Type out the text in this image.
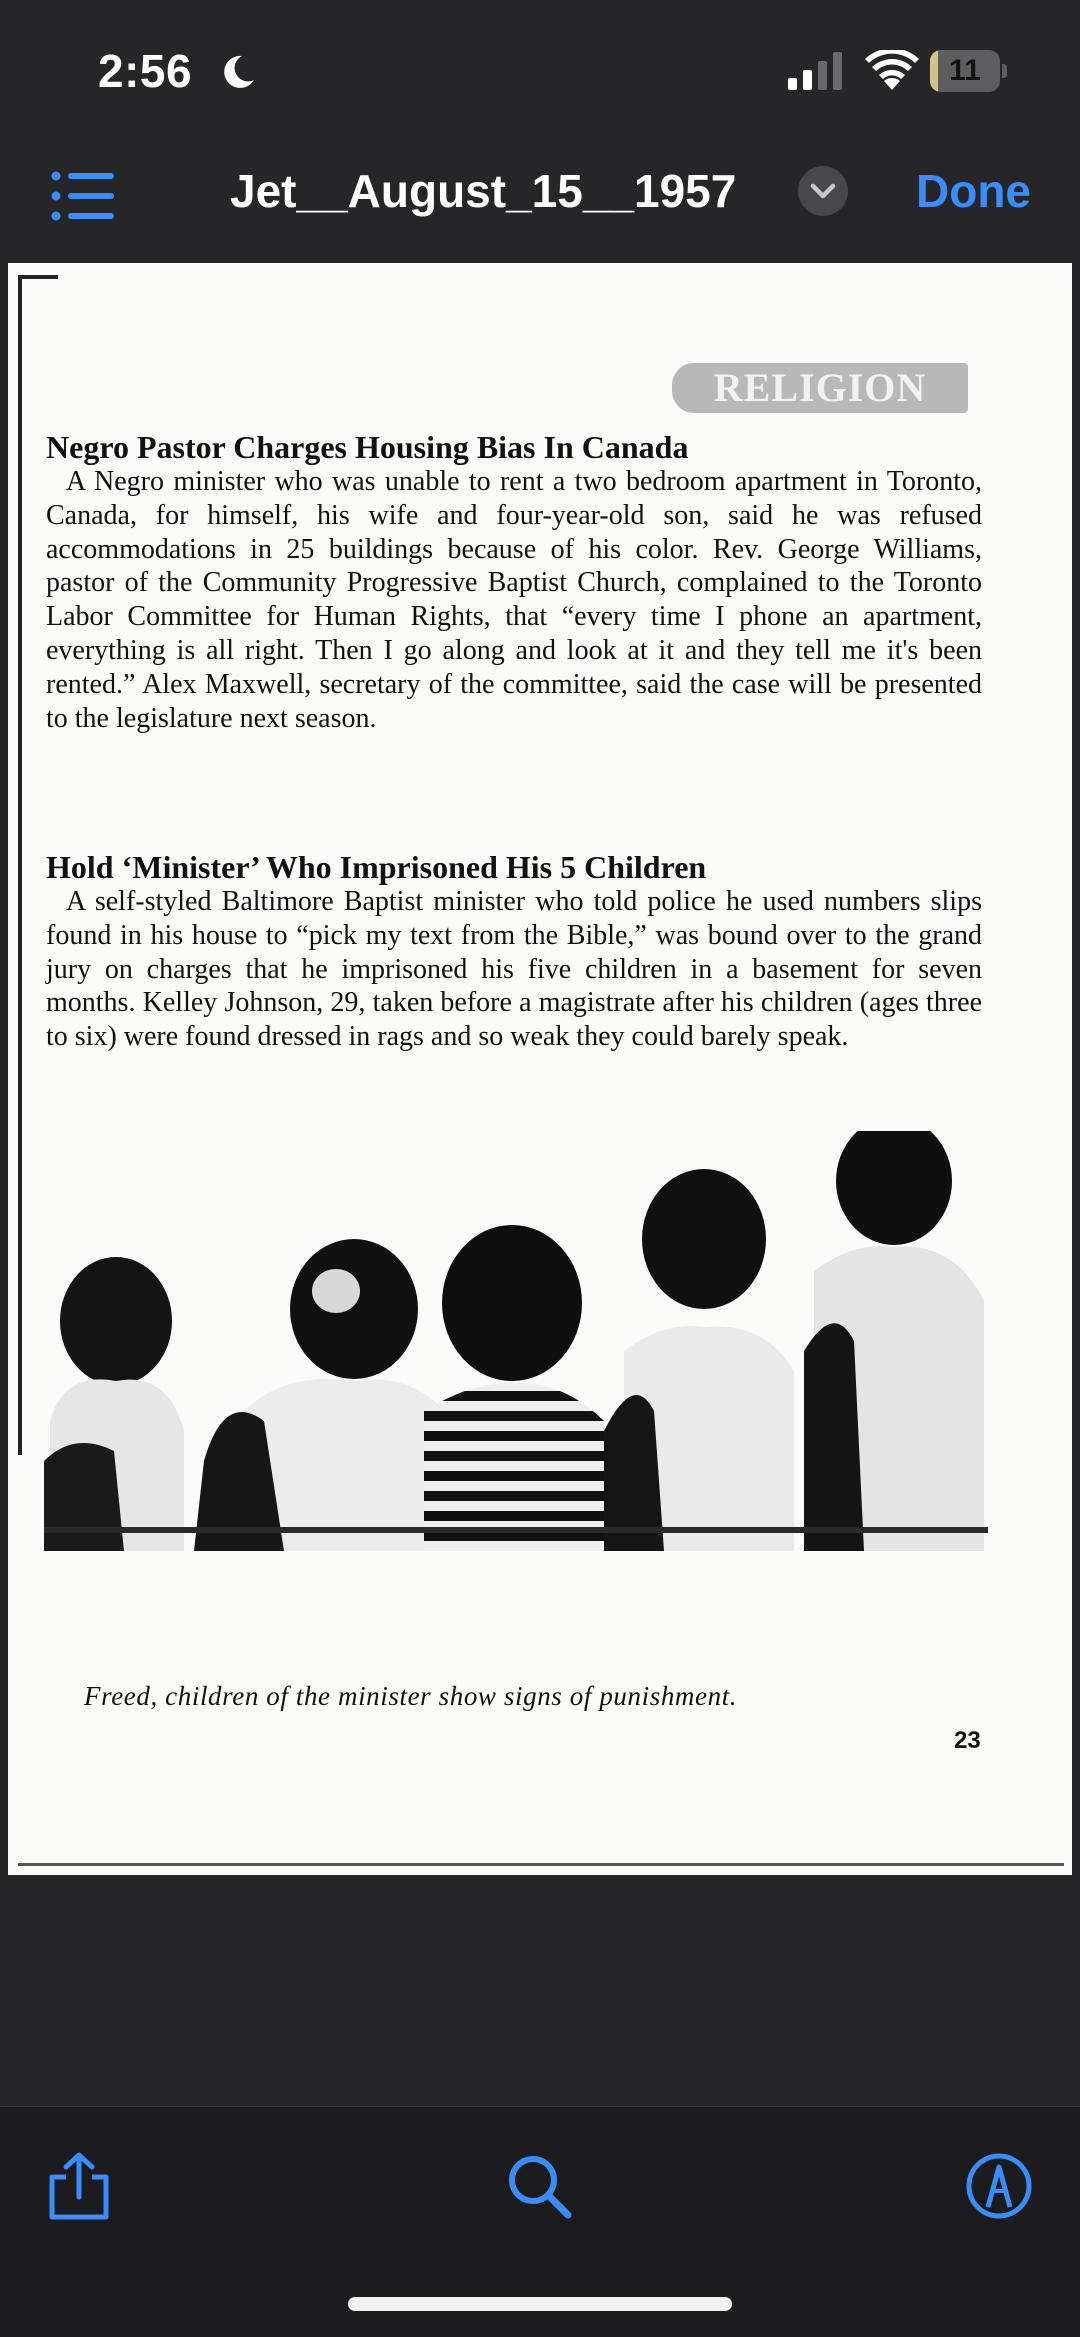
2:56	11
Jet__August_15__1957	Done
RELIGION
Negro Pastor Charges Housing Bias In Canada

A Negro minister who was unable to rent a two bedroom apartment in Toronto, Canada, for himself, his wife and four-year-old son, said he was refused accommodations in 25 buildings because of his color. Rev. George Williams, pastor of the Community Progressive Baptist Church, complained to the Toronto Labor Committee for Human Rights, that “every time I phone an apartment, everything is all right. Then I go along and look at it and they tell me it's been rented.” Alex Maxwell, secretary of the committee, said the case will be presented to the legislature next season.

Hold ‘Minister’ Who Imprisoned His 5 Children

A self-styled Baltimore Baptist minister who told police he used numbers slips found in his house to “pick my text from the Bible,” was bound over to the grand jury on charges that he imprisoned his five children in a basement for seven months. Kelley Johnson, 29, taken before a magistrate after his children (ages three to six) were found dressed in rags and so weak they could barely speak.

Freed, children of the minister show signs of punishment.
23
